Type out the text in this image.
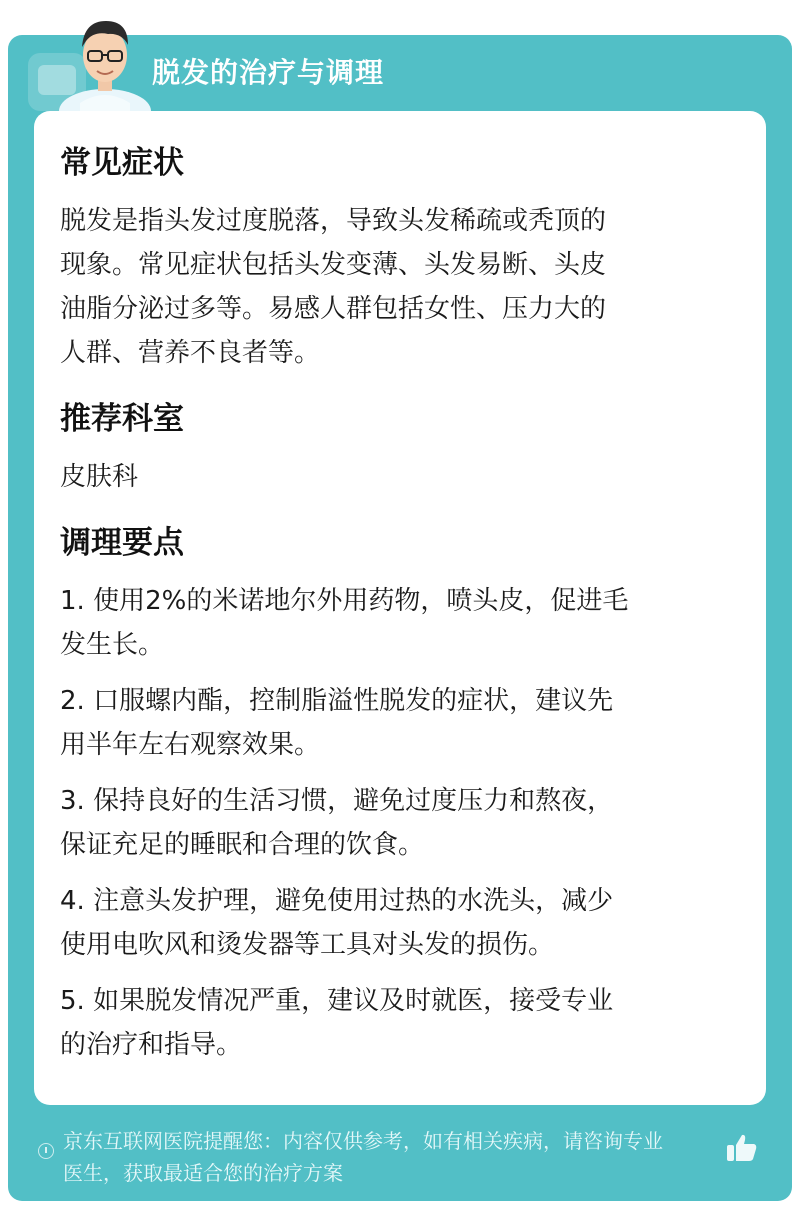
脱发的治疗与调理
常见症状
脱发是指头发过度脱落，导致头发稀疏或秃顶的
现象。常见症状包括头发变薄、头发易断、头皮
油脂分泌过多等。易感人群包括女性、压力大的
人群、营养不良者等。
推荐科室
皮肤科
调理要点
1. 使用2%的米诺地尔外用药物，喷头皮，促进毛
发生长。
2. 口服螺内酯，控制脂溢性脱发的症状，建议先
用半年左右观察效果。
3. 保持良好的生活习惯，避免过度压力和熬夜，
保证充足的睡眠和合理的饮食。
4. 注意头发护理，避免使用过热的水洗头，减少
使用电吹风和烫发器等工具对头发的损伤。
5. 如果脱发情况严重，建议及时就医，接受专业
的治疗和指导。
京东互联网医院提醒您：内容仅供参考，如有相关疾病，请咨询专业
医生，获取最适合您的治疗方案
